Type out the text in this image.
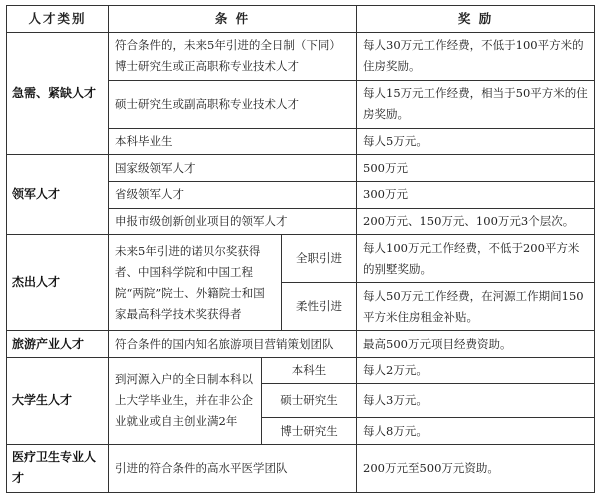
人才类别	条 件			奖 励
急需、紧缺人才	符合条件的，未来5年引进的全日制（下同）博士研究生或正高职称专业技术人才			每人30万元工作经费，不低于100平方米的住房奖励。
	硕士研究生或副高职称专业技术人才			每人15万元工作经费，相当于50平方米的住房奖励。
	本科毕业生			每人5万元。
领军人才	国家级领军人才			500万元
	省级领军人才			300万元
	申报市级创新创业项目的领军人才			200万元、150万元、100万元3个层次。
杰出人才	未来5年引进的诺贝尔奖获得者、中国科学院和中国工程院“两院”院士、外籍院士和国家最高科学技术奖获得者		全职引进	每人100万元工作经费，不低于200平方米的别墅奖励。
			柔性引进	每人50万元工作经费，在河源工作期间150平方米住房租金补贴。
旅游产业人才	符合条件的国内知名旅游项目营销策划团队			最高500万元项目经费资助。
大学生人才	到河源入户的全日制本科以上大学毕业生，并在非公企业就业或自主创业满2年	本科生		每人2万元。
		硕士研究生		每人3万元。
		博士研究生		每人8万元。
医疗卫生专业人才	引进的符合条件的高水平医学团队			200万元至500万元资助。
